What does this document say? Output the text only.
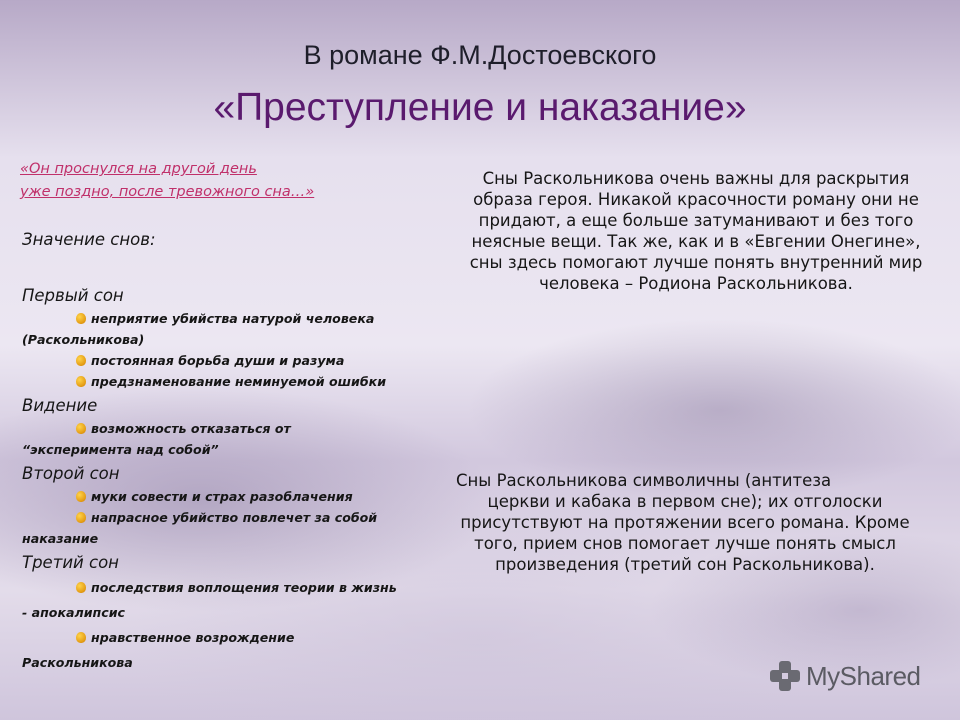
В романе Ф.М.Достоевского
«Преступление и наказание»
«Он проснулся на другой день
уже поздно, после тревожного сна…»
Значение снов:
Первый сон
неприятие убийства натурой человека (Раскольникова)
постоянная борьба души и разума
предзнаменование неминуемой ошибки
Видение
возможность отказаться от “эксперимента над собой”
Второй сон
муки совести и страх разоблачения
напрасное убийство повлечет за собой наказание
Третий сон
последствия воплощения теории в жизнь - апокалипсис
нравственное возрождение Раскольникова
Сны Раскольникова очень важны для раскрытия образа героя. Никакой красочности роману они не придают, а еще больше затуманивают и без того неясные вещи. Так же, как и в «Евгении Онегине», сны здесь помогают лучше понять внутренний мир человека – Родиона Раскольникова.
Сны Раскольникова символичны (антитеза
церкви и кабака в первом сне); их отголоски присутствуют на протяжении всего романа. Кроме того, прием снов помогает лучше понять смысл произведения (третий сон Раскольникова).
MyShared
